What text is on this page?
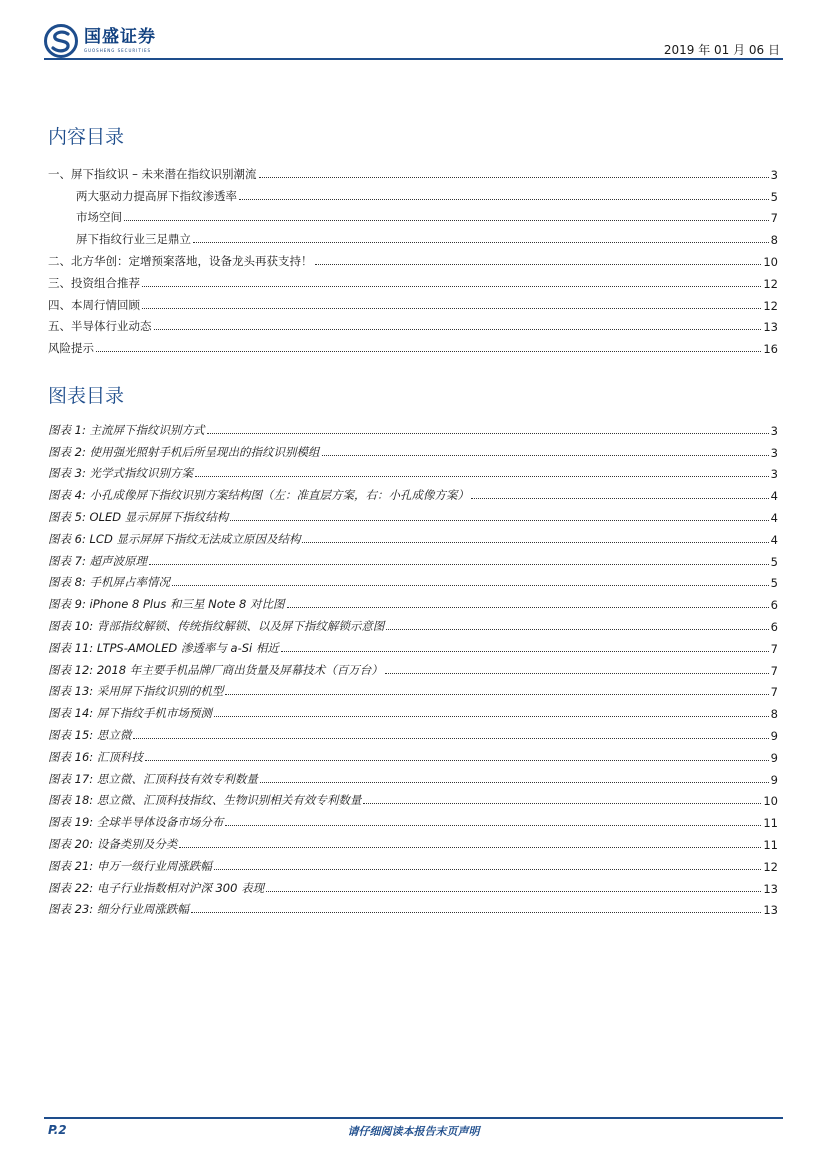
国盛证券
GUOSHENG SECURITIES	2019 年 01 月 06 日
内容目录
一、屏下指纹识 – 未来潜在指纹识别潮流	3
两大驱动力提高屏下指纹渗透率	5
市场空间	7
屏下指纹行业三足鼎立	8
二、北方华创：定增预案落地，设备龙头再获支持！	10
三、投资组合推荐	12
四、本周行情回顾	12
五、半导体行业动态	13
风险提示	16
图表目录
图表 1: 主流屏下指纹识别方式	3
图表 2: 使用强光照射手机后所呈现出的指纹识别模组	3
图表 3: 光学式指纹识别方案	3
图表 4: 小孔成像屏下指纹识别方案结构图（左：准直层方案，右：小孔成像方案）	4
图表 5: OLED 显示屏屏下指纹结构	4
图表 6: LCD 显示屏屏下指纹无法成立原因及结构	4
图表 7: 超声波原理	5
图表 8: 手机屏占率情况	5
图表 9: iPhone 8 Plus 和三星 Note 8 对比图	6
图表 10: 背部指纹解锁、传统指纹解锁、以及屏下指纹解锁示意图	6
图表 11: LTPS-AMOLED 渗透率与 a-Si 相近	7
图表 12: 2018 年主要手机品牌厂商出货量及屏幕技术（百万台）	7
图表 13: 采用屏下指纹识别的机型	7
图表 14: 屏下指纹手机市场预测	8
图表 15: 思立微	9
图表 16: 汇顶科技	9
图表 17: 思立微、汇顶科技有效专利数量	9
图表 18: 思立微、汇顶科技指纹、生物识别相关有效专利数量	10
图表 19: 全球半导体设备市场分布	11
图表 20: 设备类别及分类	11
图表 21: 申万一级行业周涨跌幅	12
图表 22: 电子行业指数相对沪深 300 表现	13
图表 23: 细分行业周涨跌幅	13
P.2	请仔细阅读本报告末页声明
